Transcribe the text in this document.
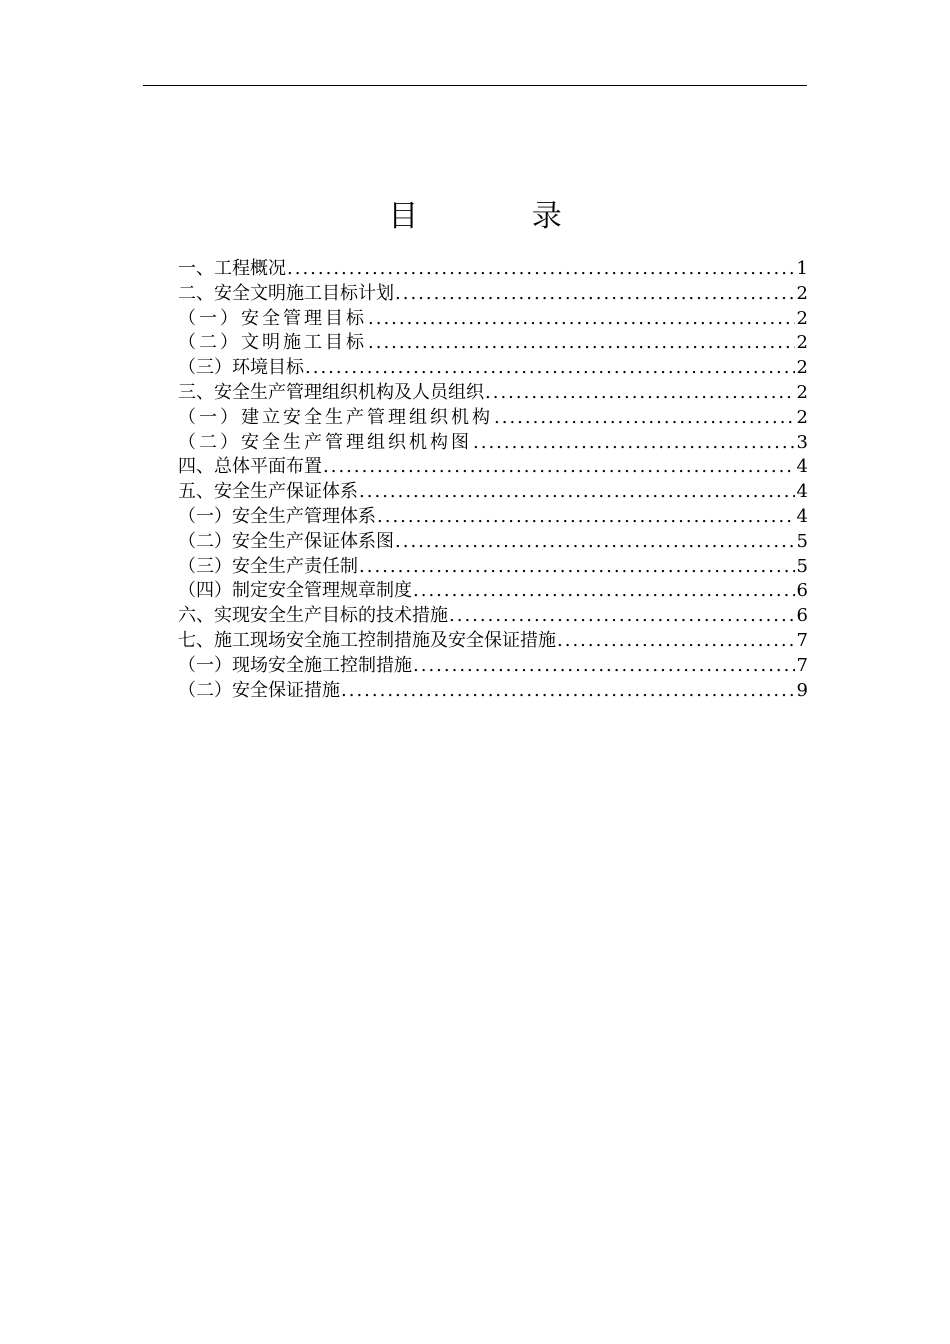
目 录
一、工程概况 .....	1
二、安全文明施工目标计划 .....	2
（一）安全管理目标 .....	2
（二）文明施工目标 .....	2
（三）环境目标 .....	2
三、安全生产管理组织机构及人员组织 .....	2
（一）建立安全生产管理组织机构 .....	2
（二）安全生产管理组织机构图 .....	3
四、总体平面布置 .....	4
五、安全生产保证体系 .....	4
（一）安全生产管理体系 .....	4
（二）安全生产保证体系图 .....	5
（三）安全生产责任制 .....	5
（四）制定安全管理规章制度 .....	6
六、实现安全生产目标的技术措施 .....	6
七、施工现场安全施工控制措施及安全保证措施 .....	7
（一）现场安全施工控制措施 .....	7
（二）安全保证措施 .....	9
